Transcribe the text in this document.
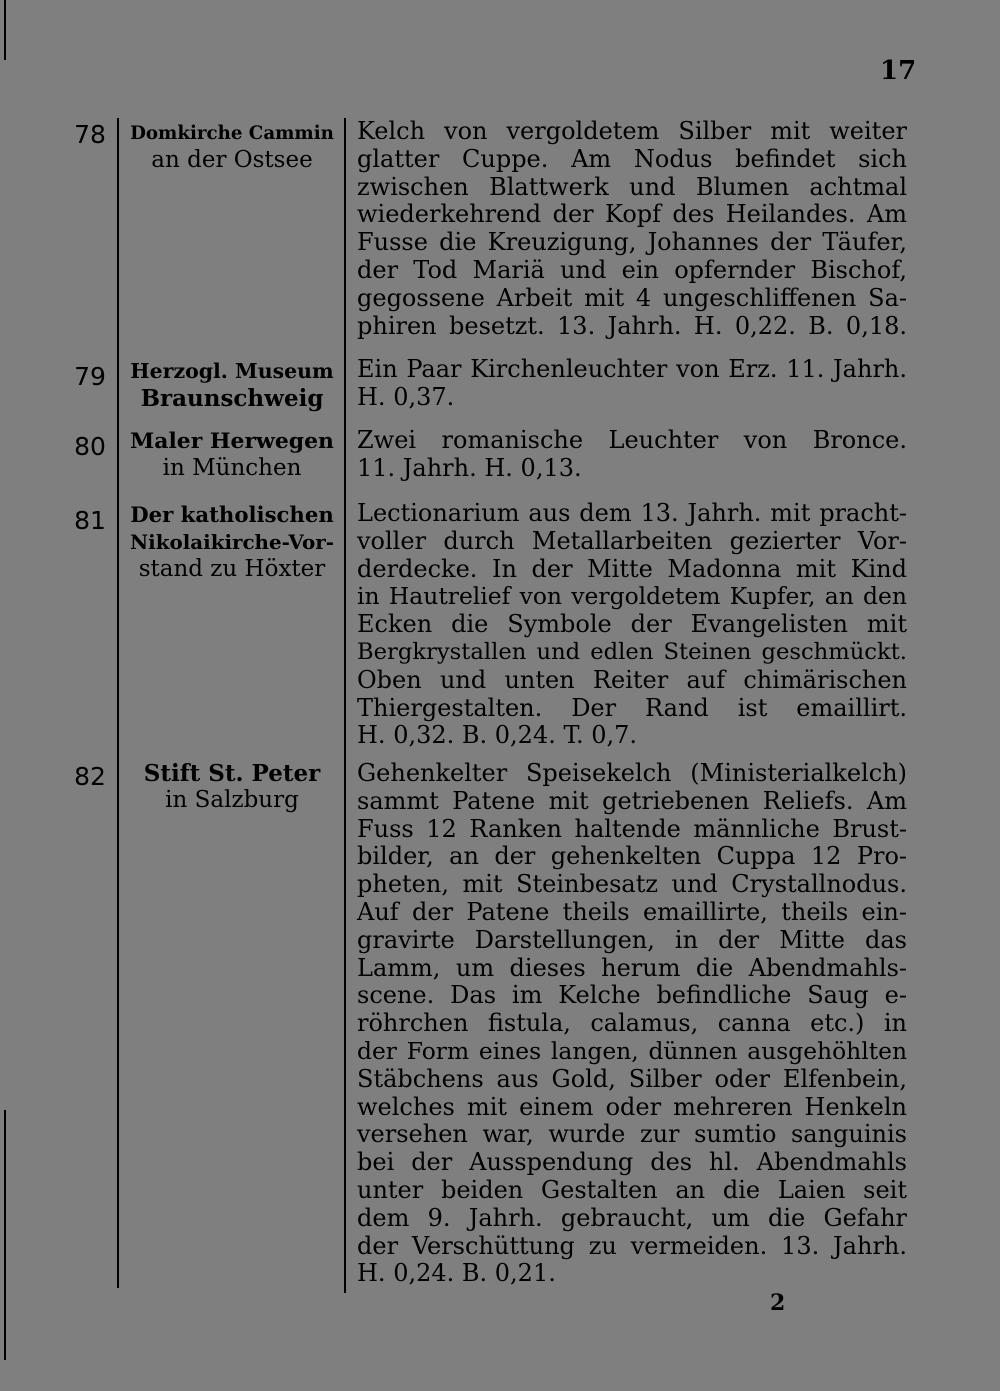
17
78	Domkirche Cammin
an der Ostsee
Kelch von vergoldetem Silber mit weiter
glatter Cuppe. Am Nodus befindet sich
zwischen Blattwerk und Blumen achtmal
wiederkehrend der Kopf des Heilandes. Am
Fusse die Kreuzigung, Johannes der Täufer,
der Tod Mariä und ein opfernder Bischof,
gegossene Arbeit mit 4 ungeschliffenen Sa-
phiren besetzt. 13. Jahrh. H. 0,22. B. 0,18.
79 Herzogl. Museum
Braunschweig
Ein Paar Kirchenleuchter von Erz. 11. Jahrh.
H. 0,37.
80 Maler Herwegen
in München
Zwei romanische Leuchter von Bronce.
11. Jahrh. H. 0,13.
81 Der katholischen
Nikolaikirche-Vor-
stand zu Höxter
Lectionarium aus dem 13. Jahrh. mit pracht-
voller durch Metallarbeiten gezierter Vor-
derdecke. In der Mitte Madonna mit Kind
in Hautrelief von vergoldetem Kupfer, an den
Ecken die Symbole der Evangelisten mit
Bergkrystallen und edlen Steinen geschmückt.
Oben und unten Reiter auf chimärischen
Thiergestalten. Der Rand ist emaillirt.
H. 0,32. B. 0,24. T. 0,7.
82	Stift St. Peter
in Salzburg
Gehenkelter Speisekelch (Ministerialkelch)
sammt Patene mit getriebenen Reliefs. Am
Fuss 12 Ranken haltende männliche Brust-
bilder, an der gehenkelten Cuppa 12 Pro-
pheten, mit Steinbesatz und Crystallnodus.
Auf der Patene theils emaillirte, theils ein-
gravirte Darstellungen, in der Mitte das
Lamm, um dieses herum die Abendmahls-
scene. Das im Kelche befindliche Saug e-
röhrchen fistula, calamus, canna etc.) in
der Form eines langen, dünnen ausgehöhlten
Stäbchens aus Gold, Silber oder Elfenbein,
welches mit einem oder mehreren Henkeln
versehen war, wurde zur sumtio sanguinis
bei der Ausspendung des hl. Abendmahls
unter beiden Gestalten an die Laien seit
dem 9. Jahrh. gebraucht, um die Gefahr
der Verschüttung zu vermeiden. 13. Jahrh.
H. 0,24. B. 0,21.
2
